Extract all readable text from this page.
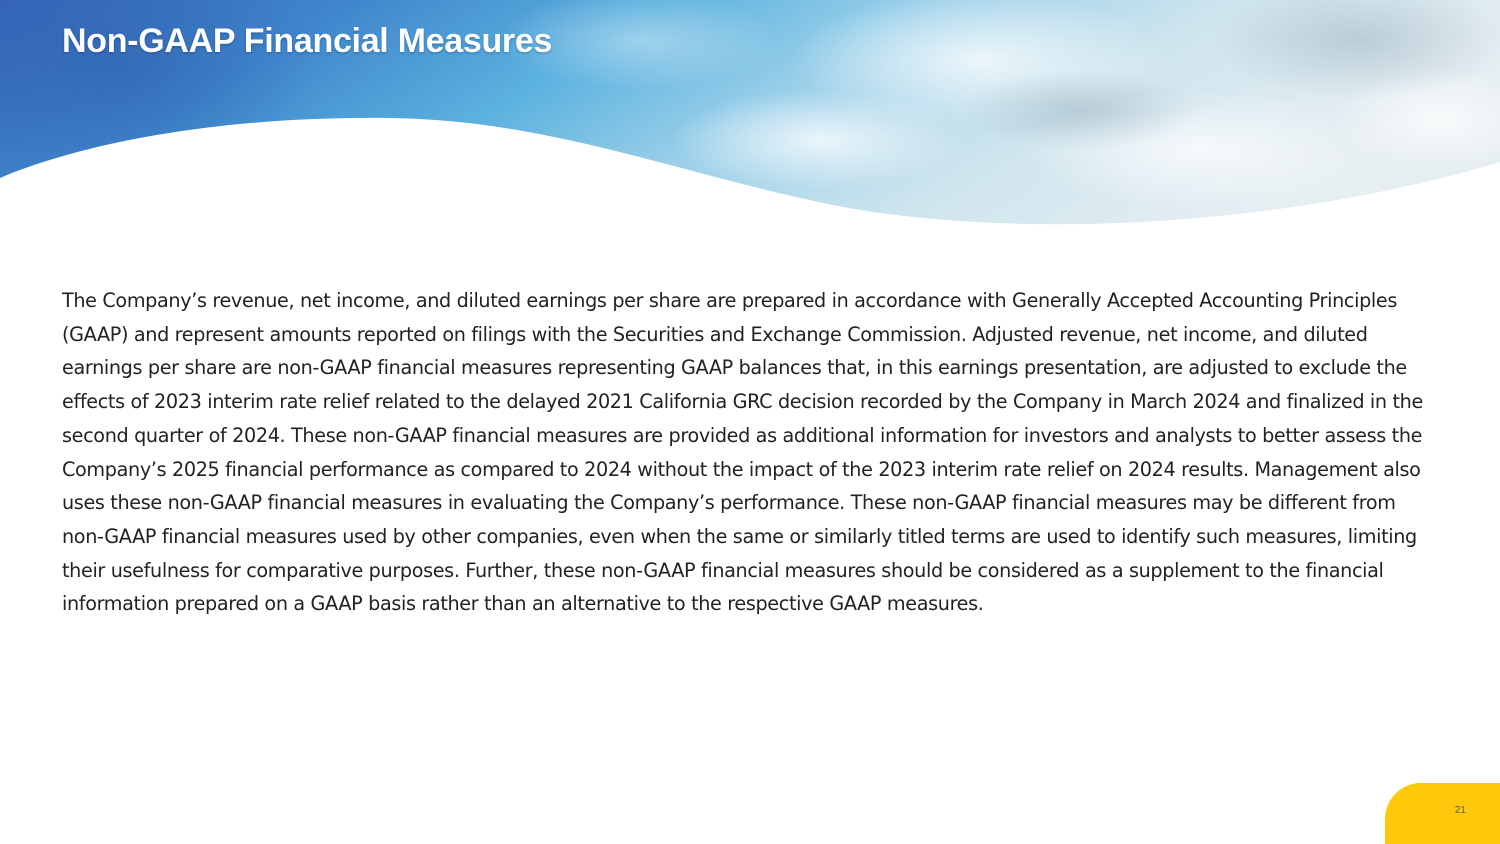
Non-GAAP Financial Measures

The Company’s revenue, net income, and diluted earnings per share are prepared in accordance with Generally Accepted Accounting Principles (GAAP) and represent amounts reported on filings with the Securities and Exchange Commission. Adjusted revenue, net income, and diluted earnings per share are non-GAAP financial measures representing GAAP balances that, in this earnings presentation, are adjusted to exclude the effects of 2023 interim rate relief related to the delayed 2021 California GRC decision recorded by the Company in March 2024 and finalized in the second quarter of 2024. These non-GAAP financial measures are provided as additional information for investors and analysts to better assess the Company’s 2025 financial performance as compared to 2024 without the impact of the 2023 interim rate relief on 2024 results. Management also uses these non-GAAP financial measures in evaluating the Company’s performance. These non-GAAP financial measures may be different from non-GAAP financial measures used by other companies, even when the same or similarly titled terms are used to identify such measures, limiting their usefulness for comparative purposes. Further, these non-GAAP financial measures should be considered as a supplement to the financial information prepared on a GAAP basis rather than an alternative to the respective GAAP measures.

21
